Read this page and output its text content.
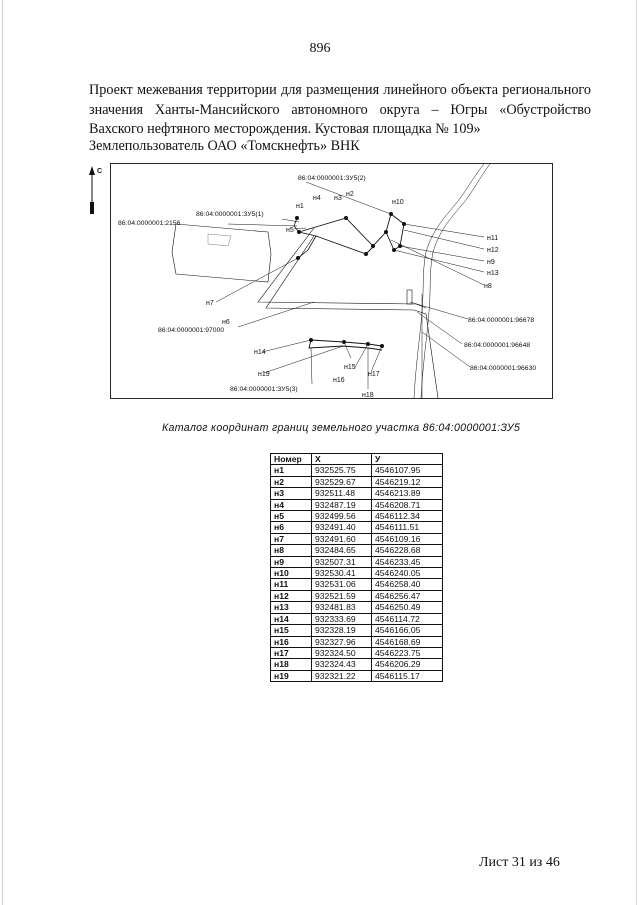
896

Проект межевания территории для размещения линейного объекта регионального

значения Ханты-Мансийского автономного округа – Югры «Обустройство

Вахского нефтяного месторождения. Кустовая площадка № 109»

Землепользователь ОАО «Томскнефть» ВНК
С
86:04:0000001:ЗУ5(2)
86:04:0000001:ЗУ5(1)
86:04:0000001:2156
86:04:0000001:97000
86:04:0000001:96678
86:04:0000001:96648
86:04:0000001:96630
86:04:0000001:ЗУ5(3)
н1
н2
н3
н4
н5
н6
н7
н8
н9
н10
н11
н12
н13
н14
н15
н16
н17
н18
н19
Каталог координат границ земельного участка 86:04:0000001:ЗУ5
Номер	X	У
н1	932525.75	4546107.95
н2	932529.67	4546219.12
н3	932511.48	4546213.89
н4	932487.19	4546208.71
н5	932499.56	4546112.34
н6	932491.40	4546111.51
н7	932491.60	4546109.16
н8	932484.65	4546228.68
н9	932507.31	4546233.45
н10	932530.41	4546240.05
н11	932531.06	4546258.40
н12	932521.59	4546256.47
н13	932481.83	4546250.49
н14	932333.69	4546114.72
н15	932328.19	4546166.05
н16	932327.96	4546168.69
н17	932324.50	4546223.75
н18	932324.43	4546206.29
н19	932321.22	4546115.17
Лист 31 из 46
